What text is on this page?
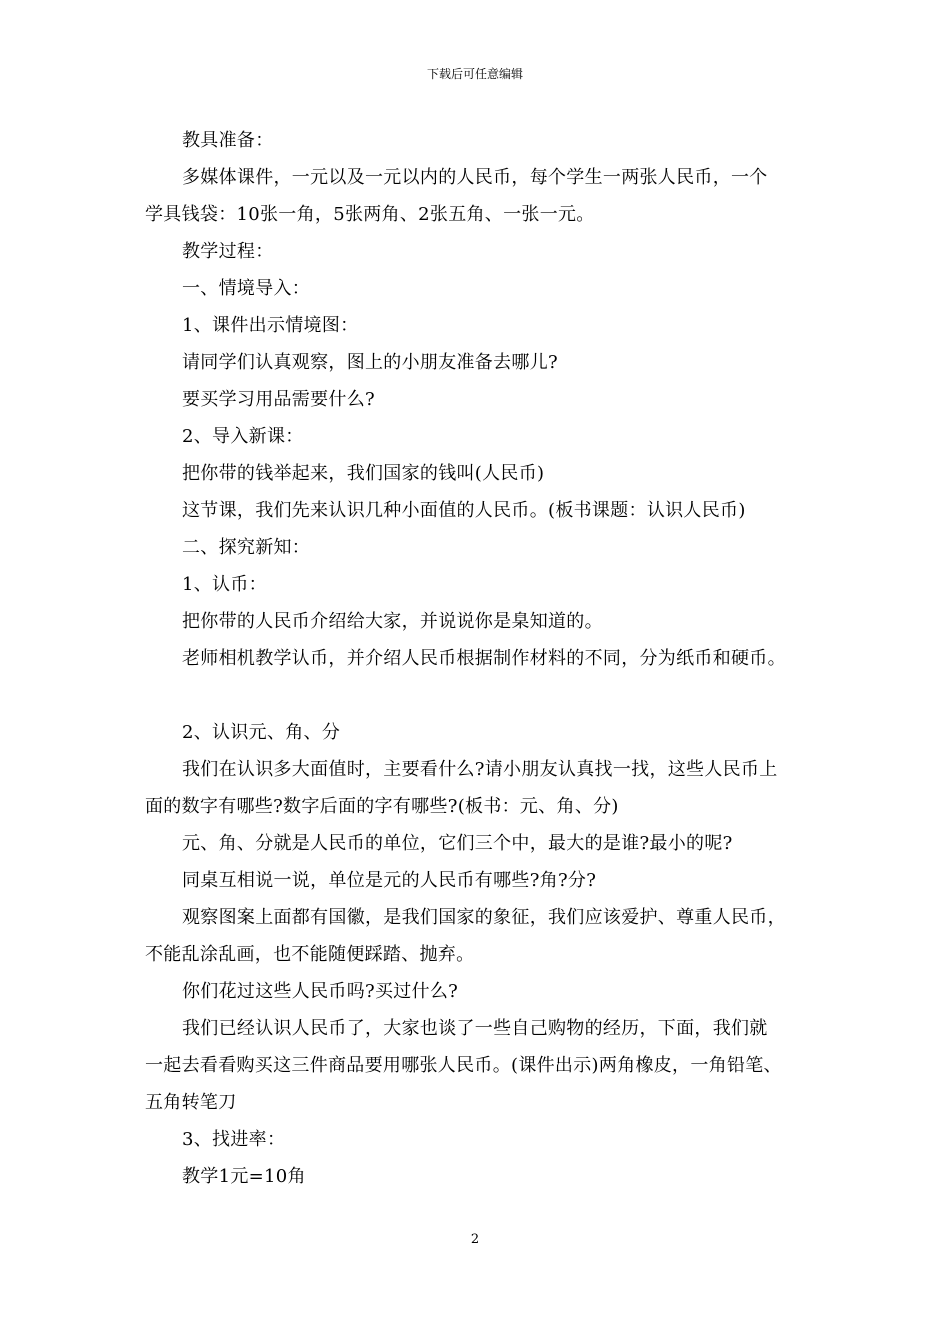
下载后可任意编辑

教具准备：

多媒体课件，一元以及一元以内的人民币，每个学生一两张人民币，一个

学具钱袋：10张一角，5张两角、2张五角、一张一元。

教学过程：

一、情境导入：

1、课件出示情境图：

请同学们认真观察，图上的小朋友准备去哪儿?

要买学习用品需要什么?

2、导入新课：

把你带的钱举起来，我们国家的钱叫(人民币)

这节课，我们先来认识几种小面值的人民币。(板书课题：认识人民币)

二、探究新知：

1、认币：

把你带的人民币介绍给大家，并说说你是臬知道的。

老师相机教学认币，并介绍人民币根据制作材料的不同，分为纸币和硬币。

2、认识元、角、分

我们在认识多大面值时，主要看什么?请小朋友认真找一找，这些人民币上

面的数字有哪些?数字后面的字有哪些?(板书：元、角、分)

元、角、分就是人民币的单位，它们三个中，最大的是谁?最小的呢?

同桌互相说一说，单位是元的人民币有哪些?角?分?

观察图案上面都有国徽，是我们国家的象征，我们应该爱护、尊重人民币，

不能乱涂乱画，也不能随便踩踏、抛弃。

你们花过这些人民币吗?买过什么?

我们已经认识人民币了，大家也谈了一些自己购物的经历，下面，我们就

一起去看看购买这三件商品要用哪张人民币。(课件出示)两角橡皮，一角铅笔、

五角转笔刀

3、找进率：

教学1元=10角

2
